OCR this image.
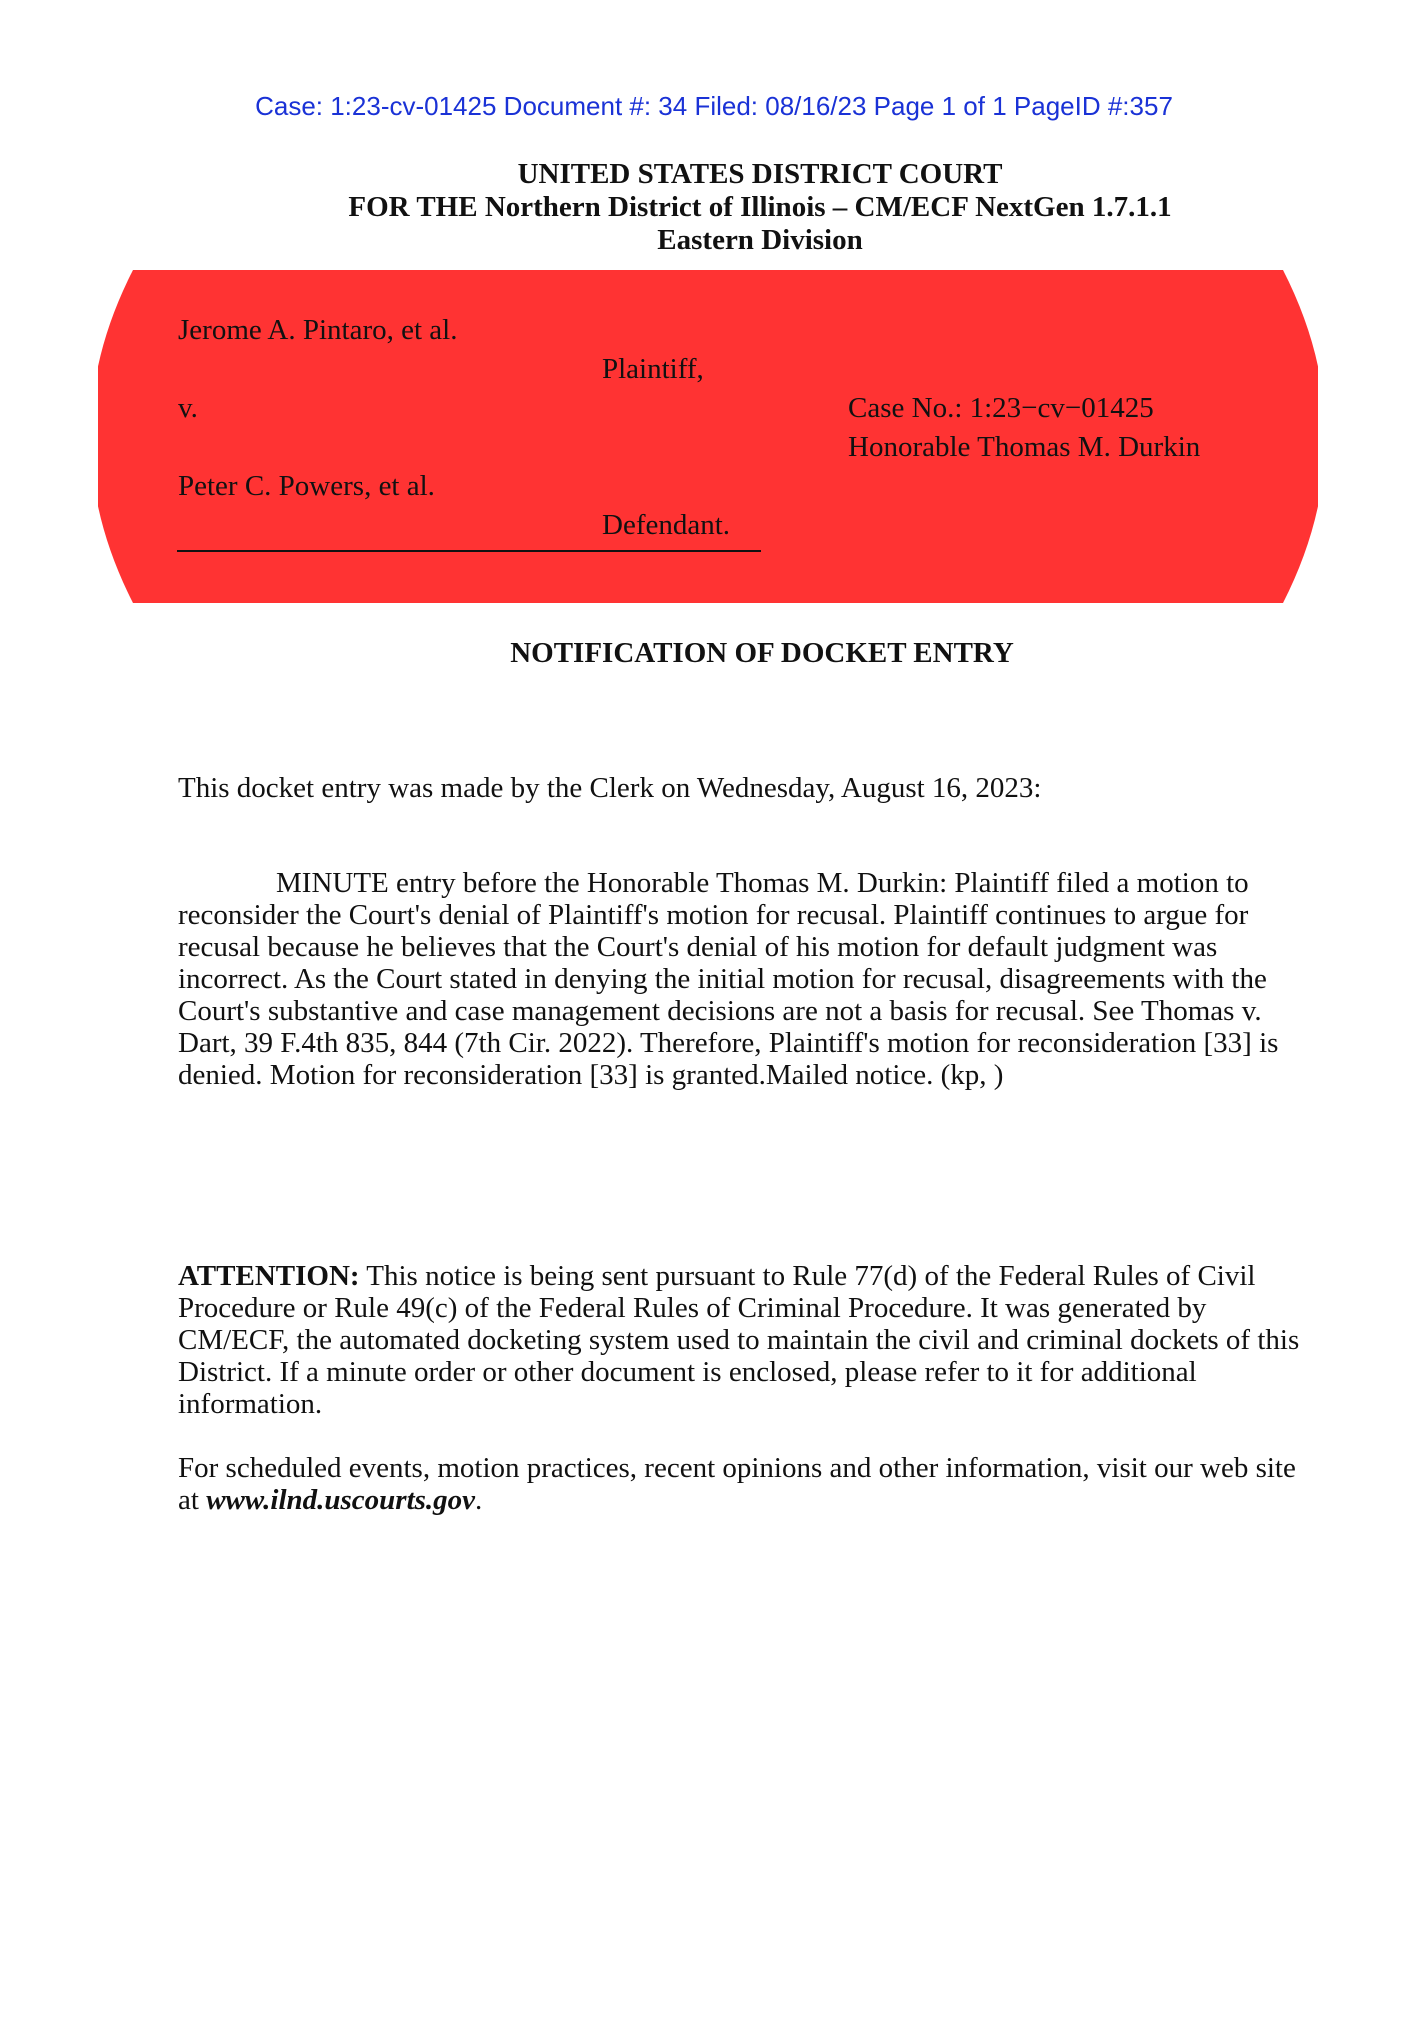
Case: 1:23-cv-01425 Document #: 34 Filed: 08/16/23 Page 1 of 1 PageID #:357
UNITED STATES DISTRICT COURT
FOR THE Northern District of Illinois – CM/ECF NextGen 1.7.1.1
Eastern Division
Jerome A. Pintaro, et al.
Plaintiff,
v.	Case No.: 1:23−cv−01425
Honorable Thomas M. Durkin
Peter C. Powers, et al.
Defendant.
NOTIFICATION OF DOCKET ENTRY
This docket entry was made by the Clerk on Wednesday, August 16, 2023:
MINUTE entry before the Honorable Thomas M. Durkin: Plaintiff filed a motion to reconsider the Court's denial of Plaintiff's motion for recusal. Plaintiff continues to argue for recusal because he believes that the Court's denial of his motion for default judgment was incorrect. As the Court stated in denying the initial motion for recusal, disagreements with the Court's substantive and case management decisions are not a basis for recusal. See Thomas v. Dart, 39 F.4th 835, 844 (7th Cir. 2022). Therefore, Plaintiff's motion for reconsideration [33] is denied. Motion for reconsideration [33] is granted.Mailed notice. (kp, )
ATTENTION: This notice is being sent pursuant to Rule 77(d) of the Federal Rules of Civil Procedure or Rule 49(c) of the Federal Rules of Criminal Procedure. It was generated by CM/ECF, the automated docketing system used to maintain the civil and criminal dockets of this District. If a minute order or other document is enclosed, please refer to it for additional information.
For scheduled events, motion practices, recent opinions and other information, visit our web site at www.ilnd.uscourts.gov.
